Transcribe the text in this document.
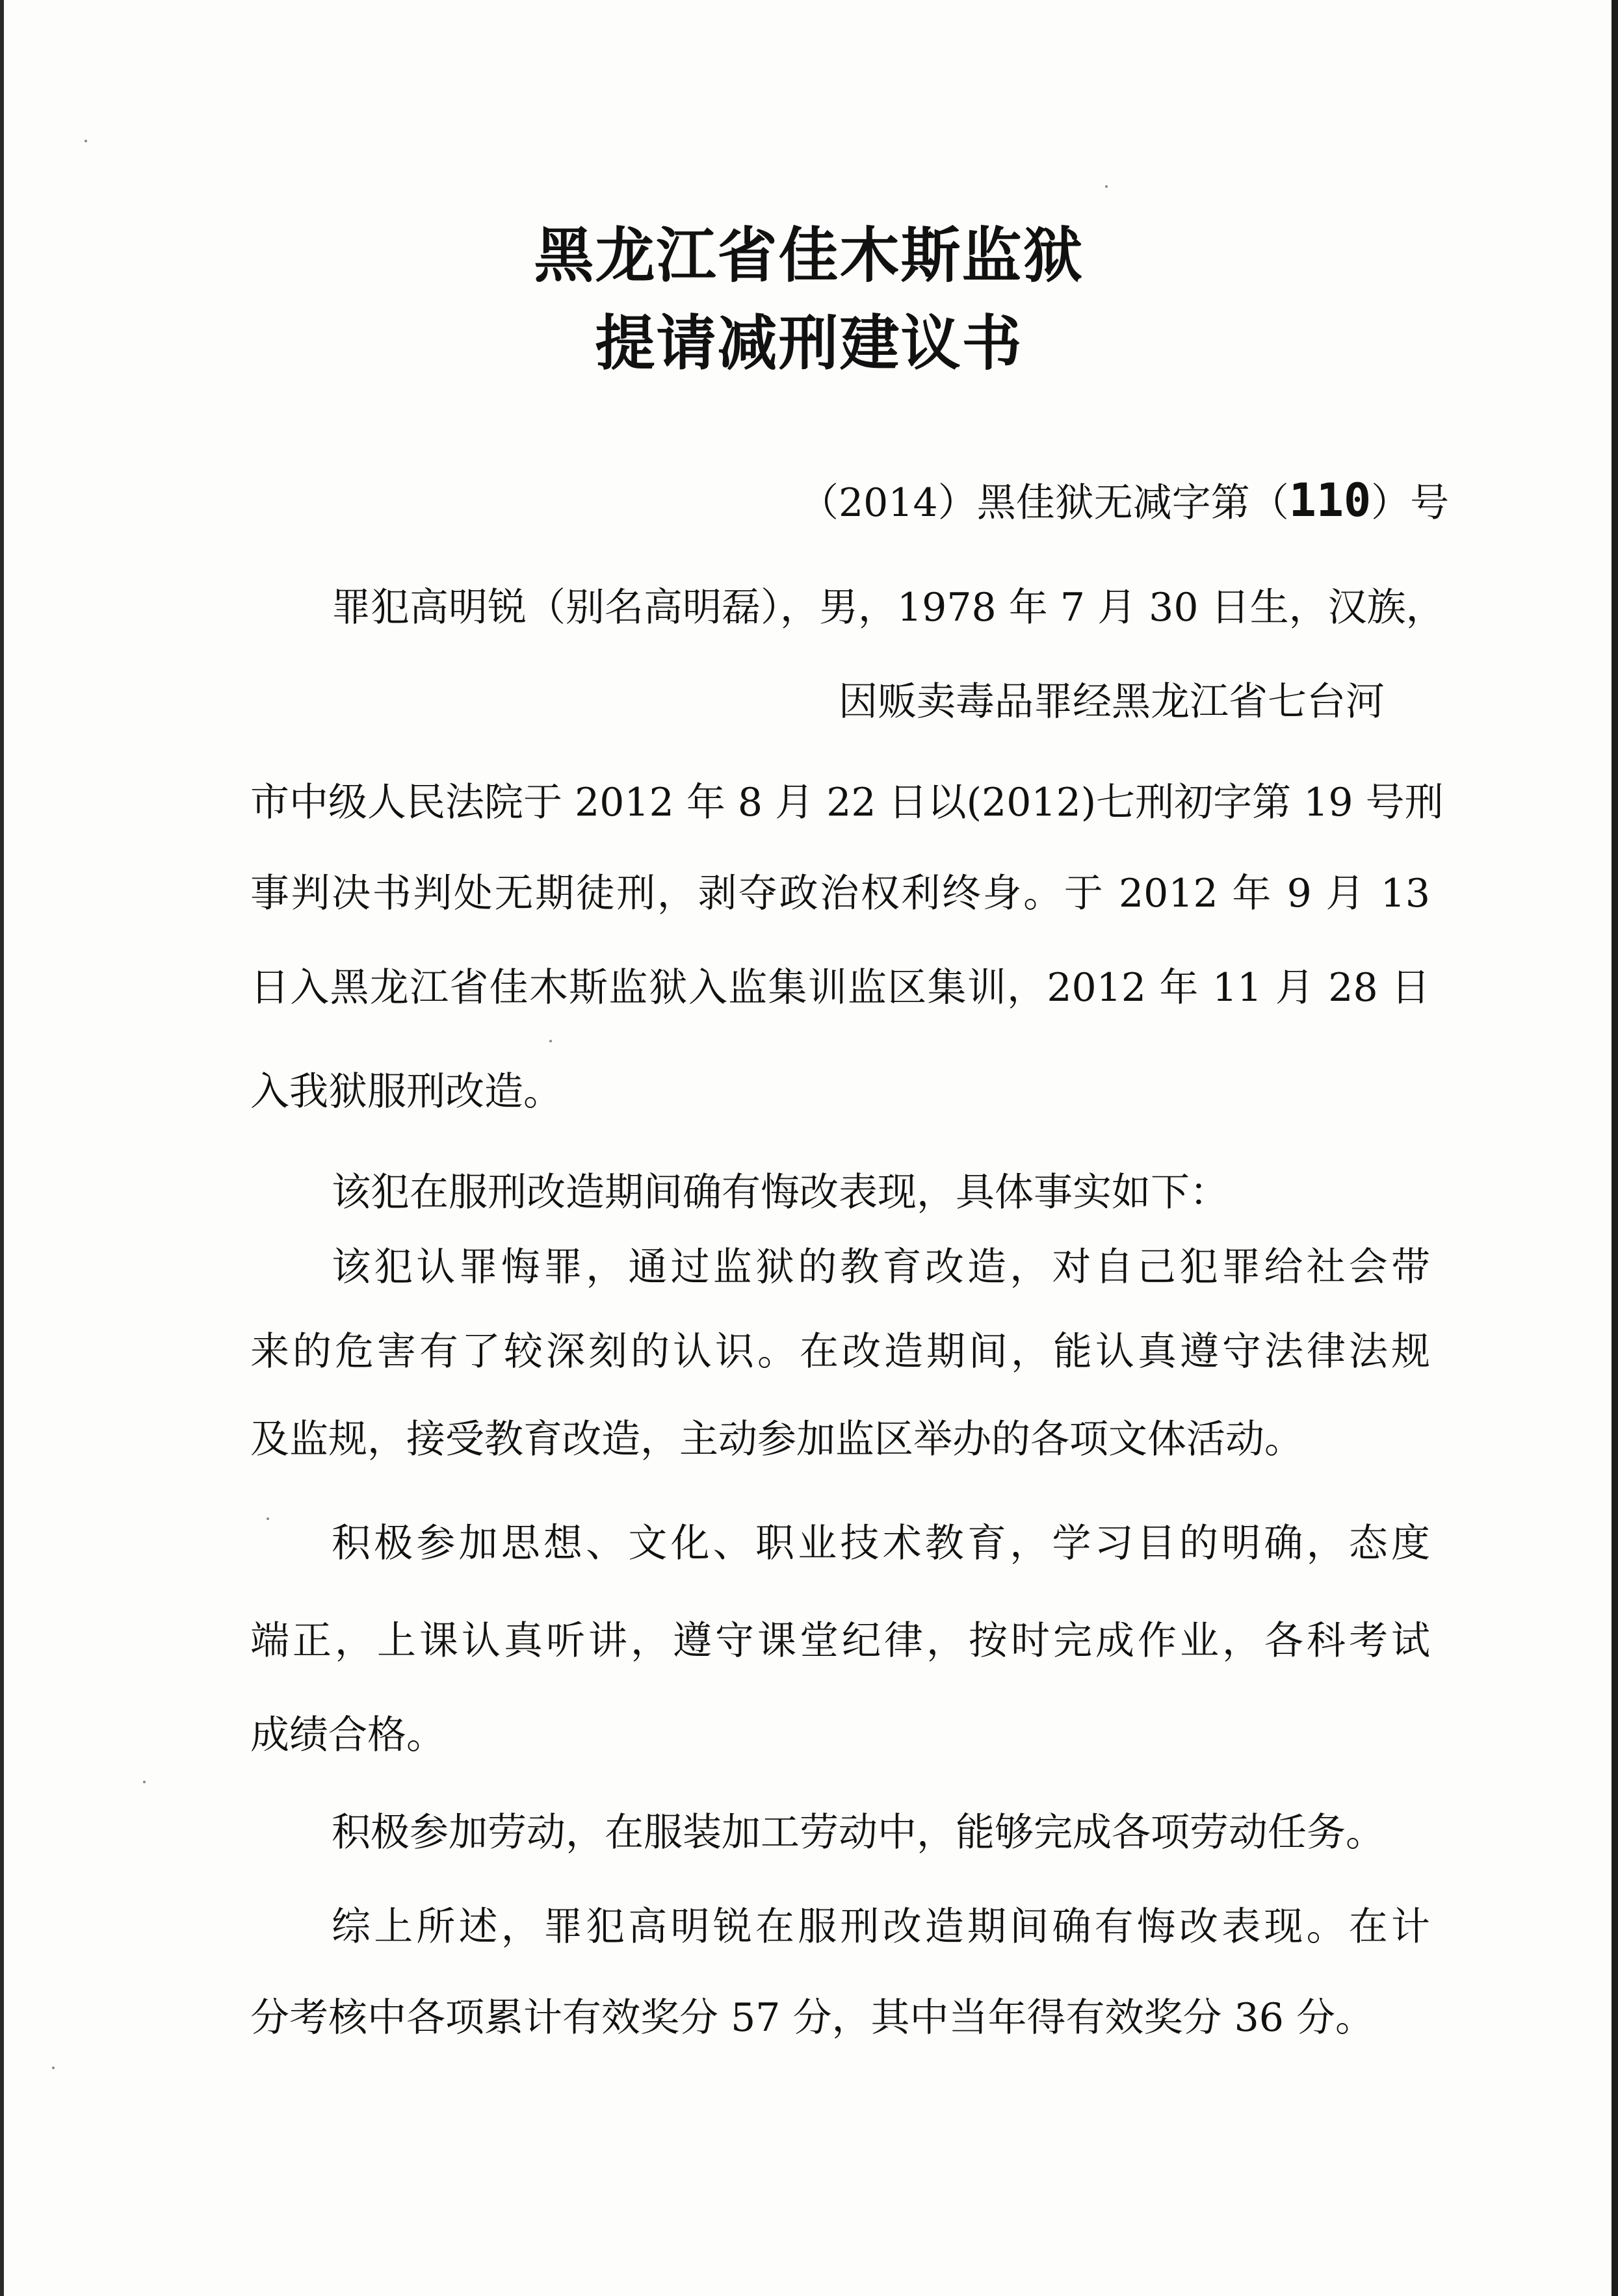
黑龙江省佳木斯监狱
提请减刑建议书
（2014）黑佳狱无减字第（110）号
罪犯高明锐（别名高明磊），男，1978 年 7 月 30 日生，汉族，
因贩卖毒品罪经黑龙江省七台河
市中级人民法院于 2012 年 8 月 22 日以(2012)七刑初字第 19 号刑
事判决书判处无期徒刑，剥夺政治权利终身。于 2012 年 9 月 13
日入黑龙江省佳木斯监狱入监集训监区集训，2012 年 11 月 28 日
入我狱服刑改造。
该犯在服刑改造期间确有悔改表现，具体事实如下：
该犯认罪悔罪，通过监狱的教育改造，对自己犯罪给社会带
来的危害有了较深刻的认识。在改造期间，能认真遵守法律法规
及监规，接受教育改造，主动参加监区举办的各项文体活动。
积极参加思想、文化、职业技术教育，学习目的明确，态度
端正，上课认真听讲，遵守课堂纪律，按时完成作业，各科考试
成绩合格。
积极参加劳动，在服装加工劳动中，能够完成各项劳动任务。
综上所述，罪犯高明锐在服刑改造期间确有悔改表现。在计
分考核中各项累计有效奖分 57 分，其中当年得有效奖分 36 分。
